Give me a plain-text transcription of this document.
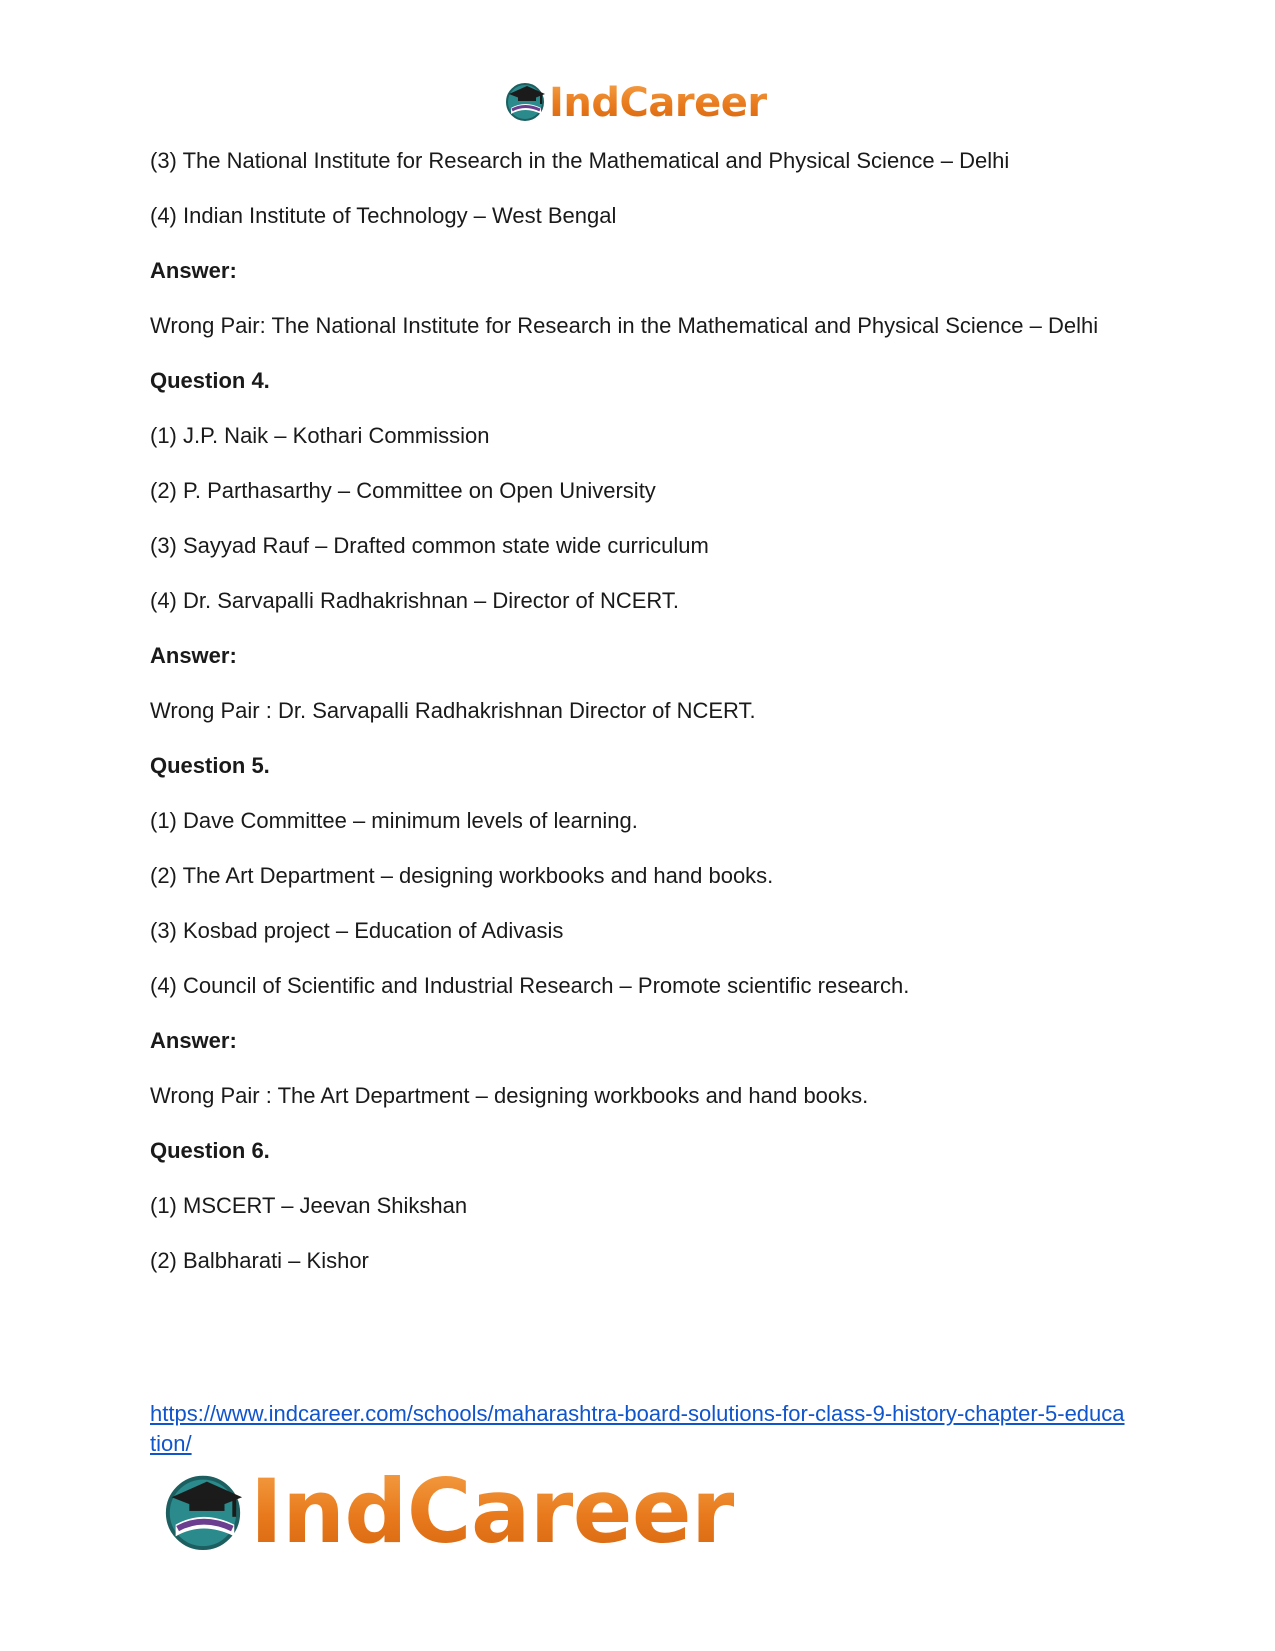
IndCareer

(3) The National Institute for Research in the Mathematical and Physical Science – Delhi

(4) Indian Institute of Technology – West Bengal

Answer:

Wrong Pair: The National Institute for Research in the Mathematical and Physical Science – Delhi

Question 4.

(1) J.P. Naik – Kothari Commission

(2) P. Parthasarthy – Committee on Open University

(3) Sayyad Rauf – Drafted common state wide curriculum

(4) Dr. Sarvapalli Radhakrishnan – Director of NCERT.

Answer:

Wrong Pair : Dr. Sarvapalli Radhakrishnan Director of NCERT.

Question 5.

(1) Dave Committee – minimum levels of learning.

(2) The Art Department – designing workbooks and hand books.

(3) Kosbad project – Education of Adivasis

(4) Council of Scientific and Industrial Research – Promote scientific research.

Answer:

Wrong Pair : The Art Department – designing workbooks and hand books.

Question 6.

(1) MSCERT – Jeevan Shikshan

(2) Balbharati – Kishor

https://www.indcareer.com/schools/maharashtra-board-solutions-for-class-9-history-chapter-5-education/
IndCareer
